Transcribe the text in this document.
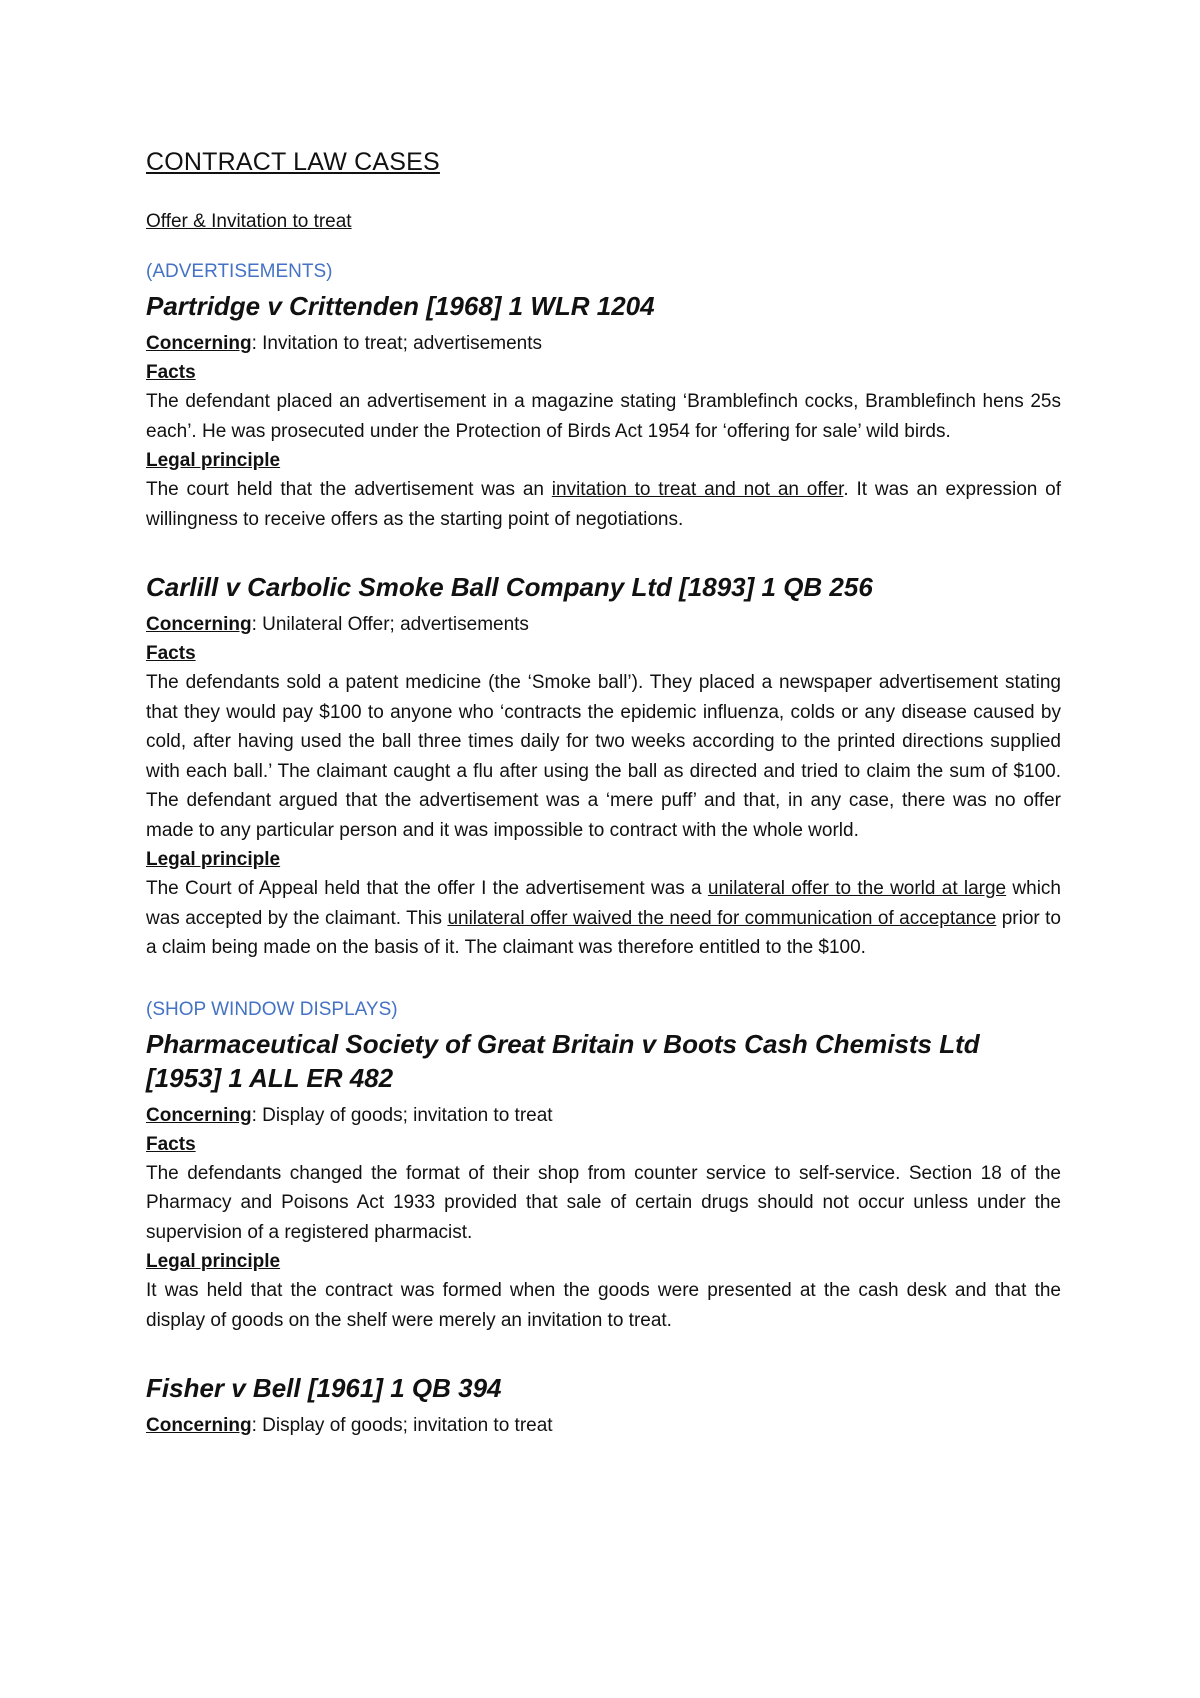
CONTRACT LAW CASES
Offer & Invitation to treat
(ADVERTISEMENTS)
Partridge v Crittenden [1968] 1 WLR 1204
Concerning: Invitation to treat; advertisements
Facts

The defendant placed an advertisement in a magazine stating ‘Bramblefinch cocks, Bramblefinch hens 25s each’. He was prosecuted under the Protection of Birds Act 1954 for ‘offering for sale’ wild birds.

Legal principle

The court held that the advertisement was an invitation to treat and not an offer. It was an expression of willingness to receive offers as the starting point of negotiations.

Carlill v Carbolic Smoke Ball Company Ltd [1893] 1 QB 256
Concerning: Unilateral Offer; advertisements
Facts

The defendants sold a patent medicine (the ‘Smoke ball’). They placed a newspaper advertisement stating that they would pay $100 to anyone who ‘contracts the epidemic influenza, colds or any disease caused by cold, after having used the ball three times daily for two weeks according to the printed directions supplied with each ball.’ The claimant caught a flu after using the ball as directed and tried to claim the sum of $100. The defendant argued that the advertisement was a ‘mere puff’ and that, in any case, there was no offer made to any particular person and it was impossible to contract with the whole world.

Legal principle

The Court of Appeal held that the offer I the advertisement was a unilateral offer to the world at large which was accepted by the claimant. This unilateral offer waived the need for communication of acceptance prior to a claim being made on the basis of it. The claimant was therefore entitled to the $100.

(SHOP WINDOW DISPLAYS)
Pharmaceutical Society of Great Britain v Boots Cash Chemists Ltd [1953] 1 ALL ER 482
Concerning: Display of goods; invitation to treat
Facts

The defendants changed the format of their shop from counter service to self-service. Section 18 of the Pharmacy and Poisons Act 1933 provided that sale of certain drugs should not occur unless under the supervision of a registered pharmacist.

Legal principle

It was held that the contract was formed when the goods were presented at the cash desk and that the display of goods on the shelf were merely an invitation to treat.

Fisher v Bell [1961] 1 QB 394
Concerning: Display of goods; invitation to treat
